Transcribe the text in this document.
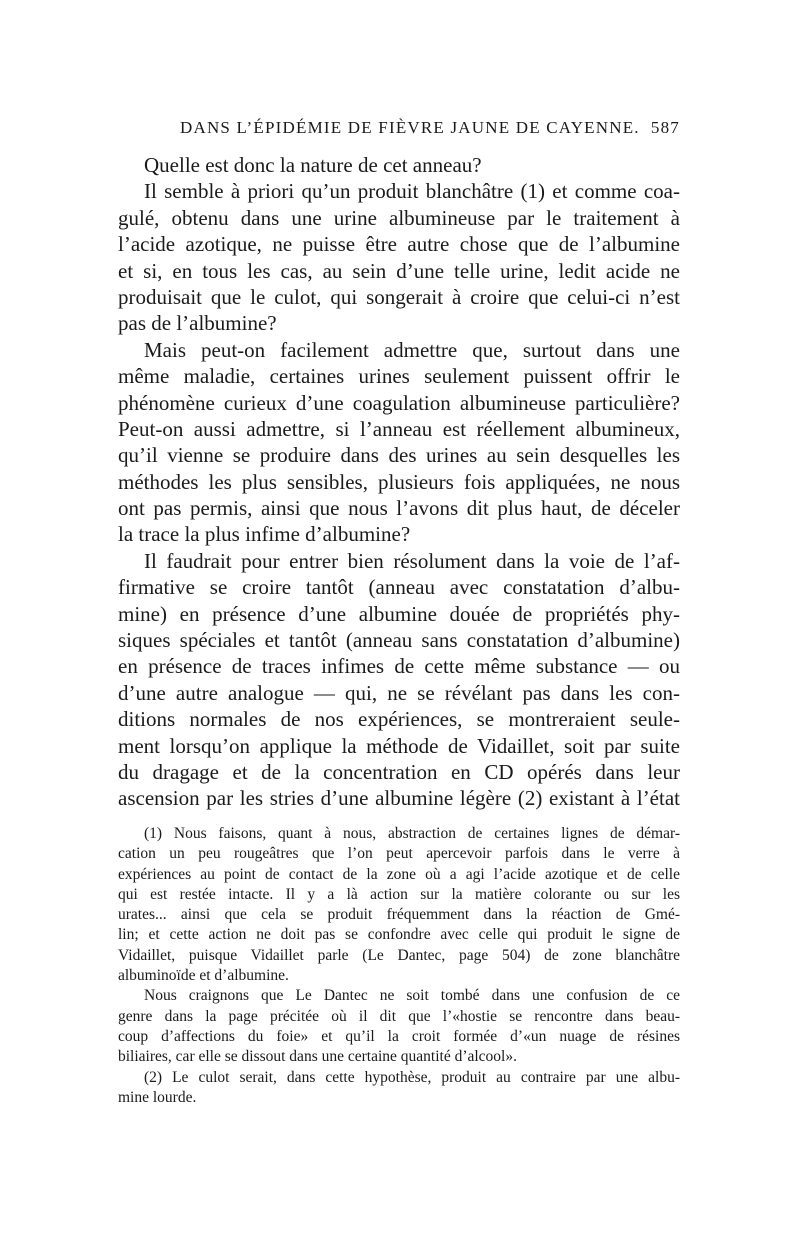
DANS L’ÉPIDÉMIE DE FIÈVRE JAUNE DE CAYENNE. 587
Quelle est donc la nature de cet anneau?
Il semble à priori qu’un produit blanchâtre (1) et comme coa-
gulé, obtenu dans une urine albumineuse par le traitement à
l’acide azotique, ne puisse être autre chose que de l’albumine
et si, en tous les cas, au sein d’une telle urine, ledit acide ne
produisait que le culot, qui songerait à croire que celui-ci n’est
pas de l’albumine?
Mais peut-on facilement admettre que, surtout dans une
même maladie, certaines urines seulement puissent offrir le
phénomène curieux d’une coagulation albumineuse particulière?
Peut-on aussi admettre, si l’anneau est réellement albumineux,
qu’il vienne se produire dans des urines au sein desquelles les
méthodes les plus sensibles, plusieurs fois appliquées, ne nous
ont pas permis, ainsi que nous l’avons dit plus haut, de déceler
la trace la plus infime d’albumine?
Il faudrait pour entrer bien résolument dans la voie de l’af-
firmative se croire tantôt (anneau avec constatation d’albu-
mine) en présence d’une albumine douée de propriétés phy-
siques spéciales et tantôt (anneau sans constatation d’albumine)
en présence de traces infimes de cette même substance — ou
d’une autre analogue — qui, ne se révélant pas dans les con-
ditions normales de nos expériences, se montreraient seule-
ment lorsqu’on applique la méthode de Vidaillet, soit par suite
du dragage et de la concentration en CD opérés dans leur
ascension par les stries d’une albumine légère (2) existant à l’état
(1) Nous faisons, quant à nous, abstraction de certaines lignes de démar-
cation un peu rougeâtres que l’on peut apercevoir parfois dans le verre à
expériences au point de contact de la zone où a agi l’acide azotique et de celle
qui est restée intacte. Il y a là action sur la matière colorante ou sur les
urates... ainsi que cela se produit fréquemment dans la réaction de Gmé-
lin; et cette action ne doit pas se confondre avec celle qui produit le signe de
Vidaillet, puisque Vidaillet parle (Le Dantec, page 504) de zone blanchâtre
albuminoïde et d’albumine.
Nous craignons que Le Dantec ne soit tombé dans une confusion de ce
genre dans la page précitée où il dit que l’«hostie se rencontre dans beau-
coup d’affections du foie» et qu’il la croit formée d’«un nuage de résines
biliaires, car elle se dissout dans une certaine quantité d’alcool».
(2) Le culot serait, dans cette hypothèse, produit au contraire par une albu-
mine lourde.
